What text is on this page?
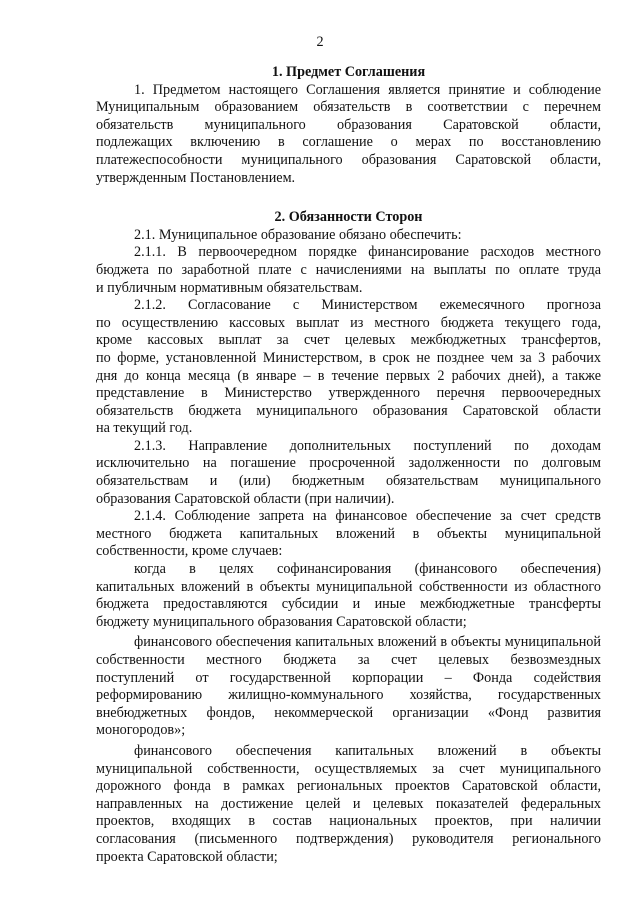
2
1. Предмет Соглашения
1. Предметом настоящего Соглашения является принятие и соблюдение
Муниципальным образованием обязательств в соответствии с перечнем
обязательств муниципального образования Саратовской области,
подлежащих включению в соглашение о мерах по восстановлению
платежеспособности муниципального образования Саратовской области,
утвержденным Постановлением.
2. Обязанности Сторон
2.1. Муниципальное образование обязано обеспечить:
2.1.1. В первоочередном порядке финансирование расходов местного
бюджета по заработной плате с начислениями на выплаты по оплате труда
и публичным нормативным обязательствам.
2.1.2. Согласование с Министерством ежемесячного прогноза
по осуществлению кассовых выплат из местного бюджета текущего года,
кроме кассовых выплат за счет целевых межбюджетных трансфертов,
по форме, установленной Министерством, в срок не позднее чем за 3 рабочих
дня до конца месяца (в январе – в течение первых 2 рабочих дней), а также
представление в Министерство утвержденного перечня первоочередных
обязательств бюджета муниципального образования Саратовской области
на текущий год.
2.1.3. Направление дополнительных поступлений по доходам
исключительно на погашение просроченной задолженности по долговым
обязательствам и (или) бюджетным обязательствам муниципального
образования Саратовской области (при наличии).
2.1.4. Соблюдение запрета на финансовое обеспечение за счет средств
местного бюджета капитальных вложений в объекты муниципальной
собственности, кроме случаев:
когда в целях софинансирования (финансового обеспечения)
капитальных вложений в объекты муниципальной собственности из областного
бюджета предоставляются субсидии и иные межбюджетные трансферты
бюджету муниципального образования Саратовской области;
финансового обеспечения капитальных вложений в объекты муниципальной
собственности местного бюджета за счет целевых безвозмездных
поступлений от государственной корпорации – Фонда содействия
реформированию жилищно-коммунального хозяйства, государственных
внебюджетных фондов, некоммерческой организации «Фонд развития
моногородов»;
финансового обеспечения капитальных вложений в объекты
муниципальной собственности, осуществляемых за счет муниципального
дорожного фонда в рамках региональных проектов Саратовской области,
направленных на достижение целей и целевых показателей федеральных
проектов, входящих в состав национальных проектов, при наличии
согласования (письменного подтверждения) руководителя регионального
проекта Саратовской области;
